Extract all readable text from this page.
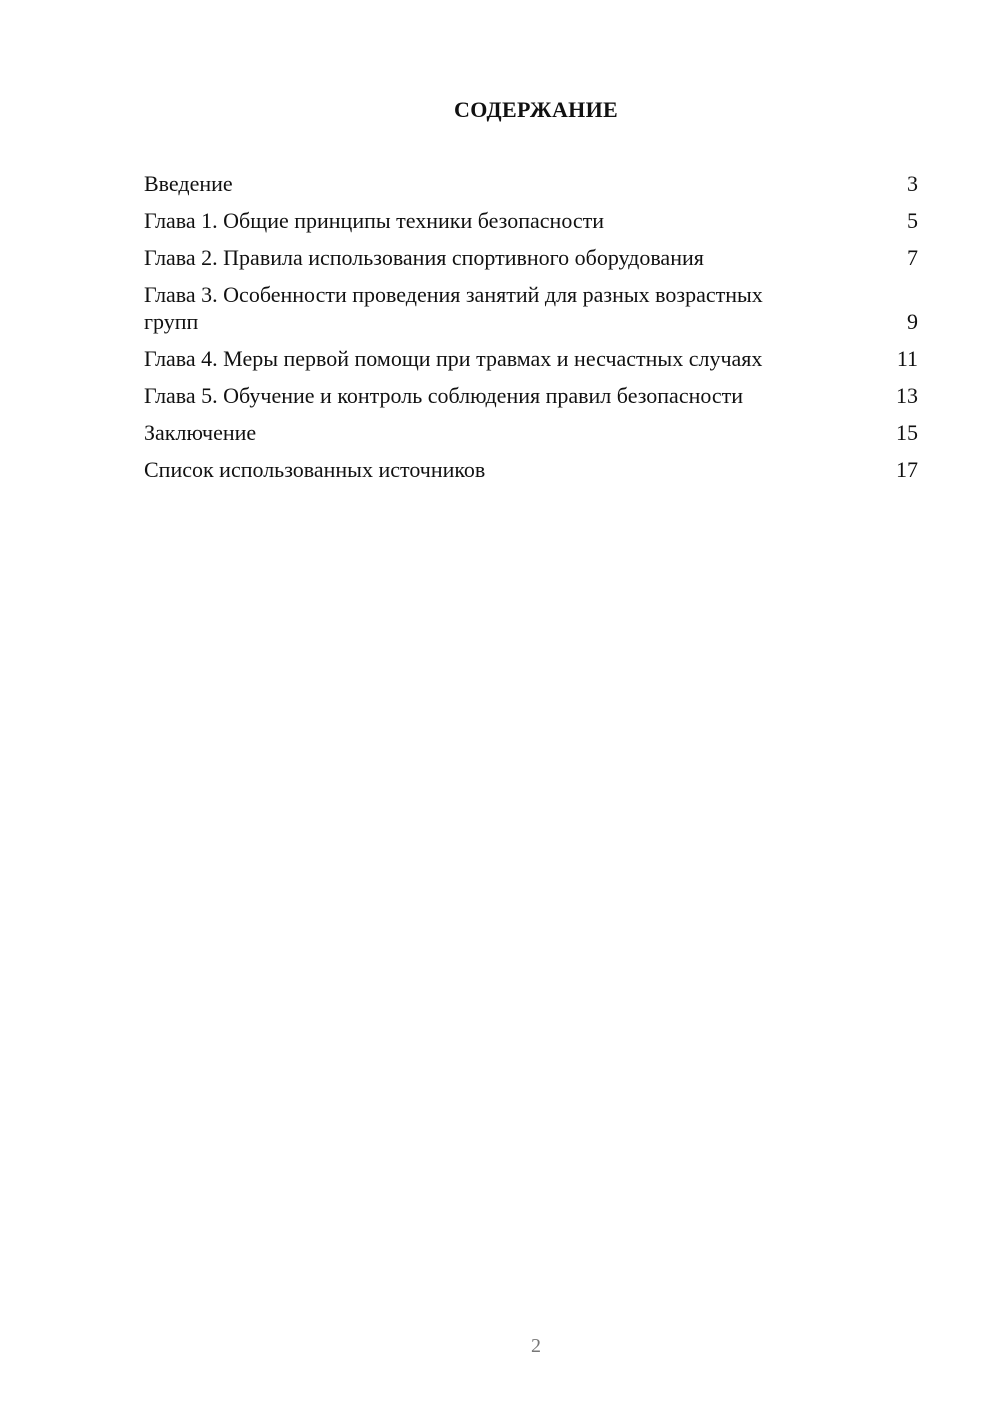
СОДЕРЖАНИЕ
Введение	3
Глава 1. Общие принципы техники безопасности	5
Глава 2. Правила использования спортивного оборудования	7
Глава 3. Особенности проведения занятий для разных возрастных групп	9
Глава 4. Меры первой помощи при травмах и несчастных случаях	11
Глава 5. Обучение и контроль соблюдения правил безопасности	13
Заключение	15
Список использованных источников	17
2
